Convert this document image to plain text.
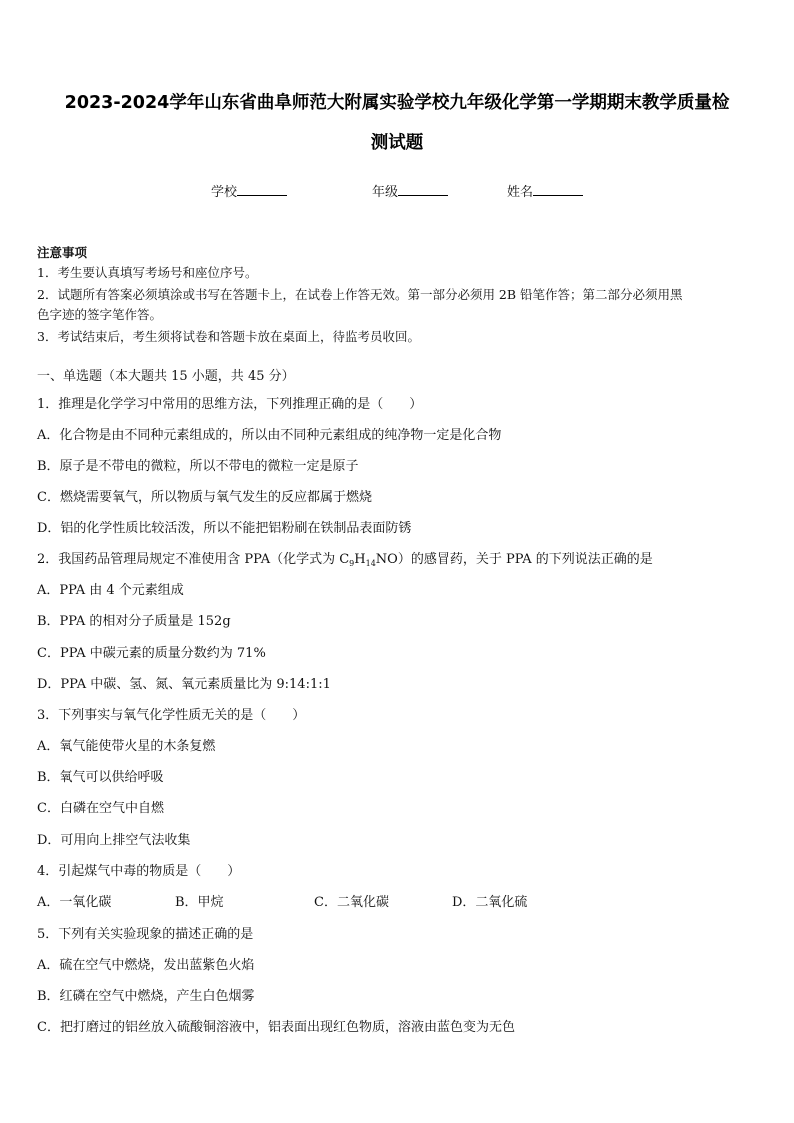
2023-2024学年山东省曲阜师范大附属实验学校九年级化学第一学期期末教学质量检
测试题
学校	年级	姓名
注意事项
1．考生要认真填写考场号和座位序号。
2．试题所有答案必须填涂或书写在答题卡上，在试卷上作答无效。第一部分必须用 2B 铅笔作答；第二部分必须用黑
色字迹的签字笔作答。
3．考试结束后，考生须将试卷和答题卡放在桌面上，待监考员收回。
一、单选题（本大题共 15 小题，共 45 分）
1．推理是化学学习中常用的思维方法，下列推理正确的是（　　）
A．化合物是由不同种元素组成的，所以由不同种元素组成的纯净物一定是化合物
B．原子是不带电的微粒，所以不带电的微粒一定是原子
C．燃烧需要氧气，所以物质与氧气发生的反应都属于燃烧
D．铝的化学性质比较活泼，所以不能把铝粉刷在铁制品表面防锈
2．我国药品管理局规定不准使用含 PPA（化学式为 $C_9H_{14}NO$）的感冒药，关于 PPA 的下列说法正确的是
A．PPA 由 4 个元素组成
B．PPA 的相对分子质量是 152g
C．PPA 中碳元素的质量分数约为 71%
D．PPA 中碳、氢、氮、氧元素质量比为 9:14:1:1
3．下列事实与氧气化学性质无关的是（　　）
A．氧气能使带火星的木条复燃
B．氧气可以供给呼吸
C．白磷在空气中自燃
D．可用向上排空气法收集
4．引起煤气中毒的物质是（　　）
A．一氧化碳	B．甲烷	C．二氧化碳	D．二氧化硫
5．下列有关实验现象的描述正确的是
A．硫在空气中燃烧，发出蓝紫色火焰
B．红磷在空气中燃烧，产生白色烟雾
C．把打磨过的铝丝放入硫酸铜溶液中，铝表面出现红色物质，溶液由蓝色变为无色
